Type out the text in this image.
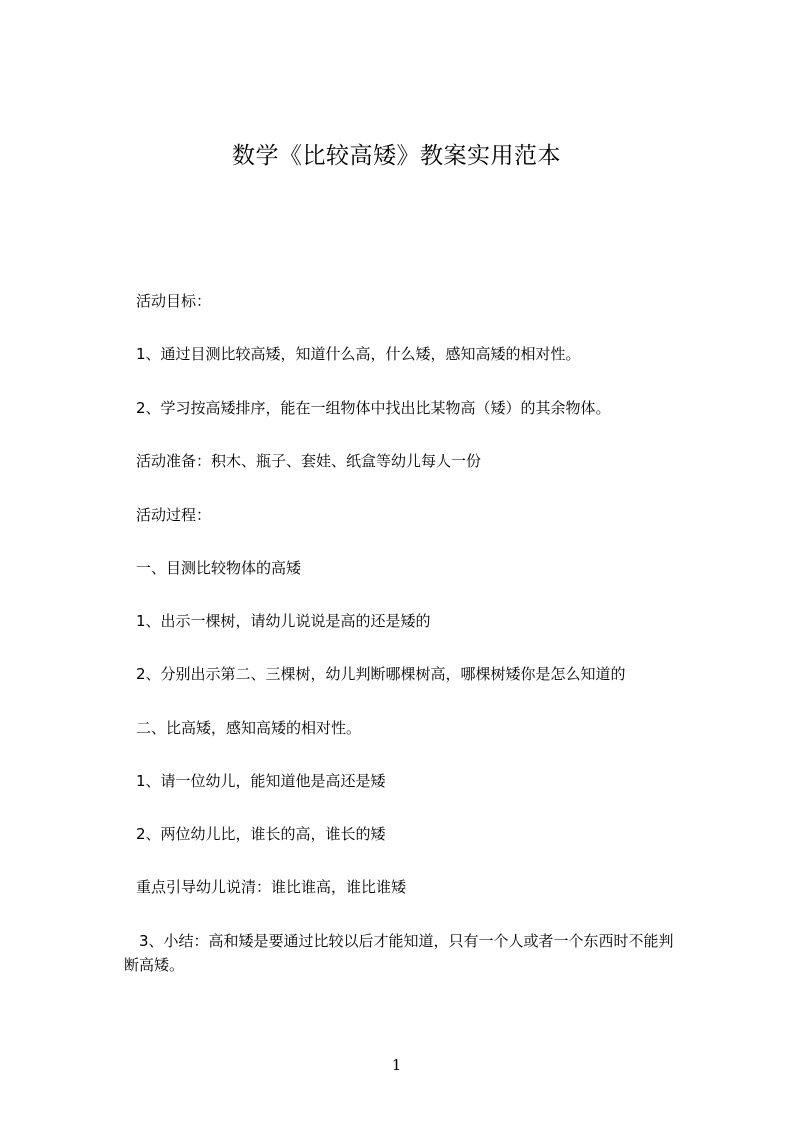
数学《比较高矮》教案实用范本
活动目标：
1、通过目测比较高矮，知道什么高，什么矮，感知高矮的相对性。
2、学习按高矮排序，能在一组物体中找出比某物高（矮）的其余物体。
活动准备：积木、瓶子、套娃、纸盒等幼儿每人一份
活动过程：
一、目测比较物体的高矮
1、出示一棵树，请幼儿说说是高的还是矮的
2、分别出示第二、三棵树，幼儿判断哪棵树高，哪棵树矮你是怎么知道的
二、比高矮，感知高矮的相对性。
1、请一位幼儿，能知道他是高还是矮
2、两位幼儿比，谁长的高，谁长的矮
重点引导幼儿说清：谁比谁高，谁比谁矮
3、小结：高和矮是要通过比较以后才能知道，只有一个人或者一个东西时不能判
断高矮。
1
